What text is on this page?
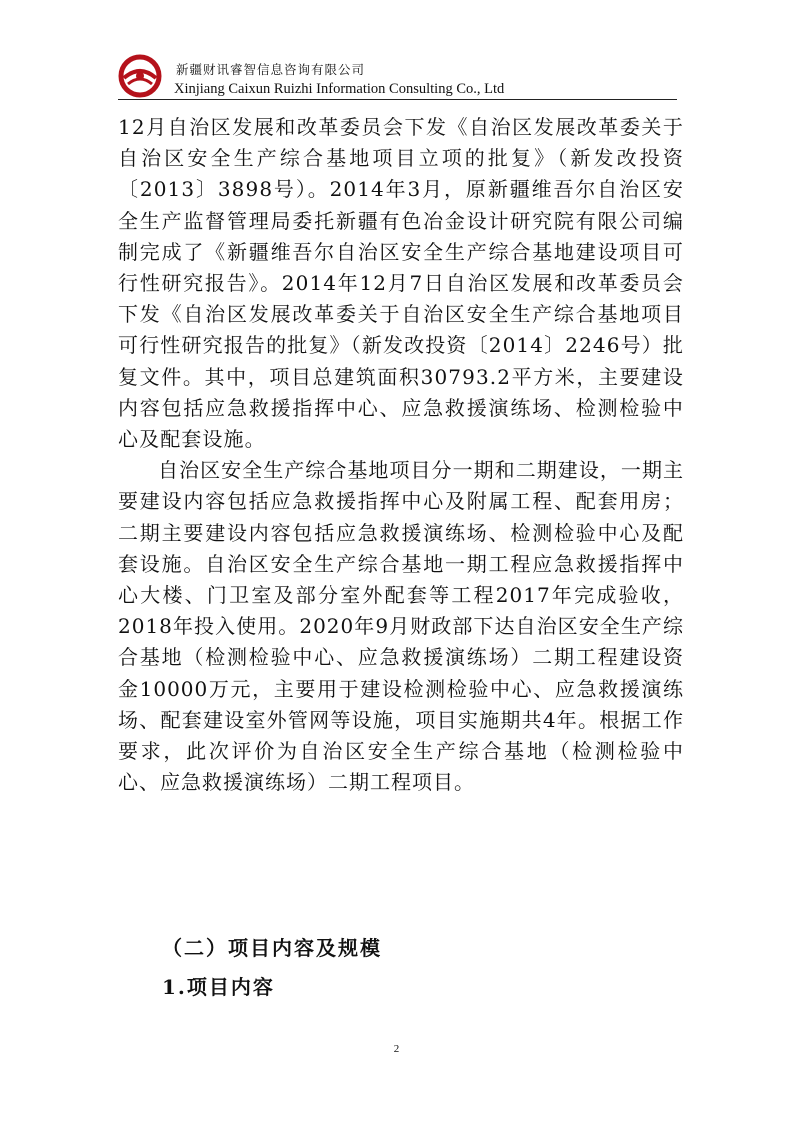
新疆财讯睿智信息咨询有限公司
Xinjiang Caixun Ruizhi Information Consulting Co., Ltd

12月自治区发展和改革委员会下发《自治区发展改革委关于自治区安全生产综合基地项目立项的批复》（新发改投资〔2013〕3898号）。2014年3月，原新疆维吾尔自治区安全生产监督管理局委托新疆有色冶金设计研究院有限公司编制完成了《新疆维吾尔自治区安全生产综合基地建设项目可行性研究报告》。2014年12月7日自治区发展和改革委员会下发《自治区发展改革委关于自治区安全生产综合基地项目可行性研究报告的批复》（新发改投资〔2014〕2246号）批复文件。其中，项目总建筑面积30793.2平方米，主要建设内容包括应急救援指挥中心、应急救援演练场、检测检验中心及配套设施。

自治区安全生产综合基地项目分一期和二期建设，一期主要建设内容包括应急救援指挥中心及附属工程、配套用房；二期主要建设内容包括应急救援演练场、检测检验中心及配套设施。自治区安全生产综合基地一期工程应急救援指挥中心大楼、门卫室及部分室外配套等工程2017年完成验收，2018年投入使用。2020年9月财政部下达自治区安全生产综合基地（检测检验中心、应急救援演练场）二期工程建设资金10000万元，主要用于建设检测检验中心、应急救援演练场、配套建设室外管网等设施，项目实施期共4年。根据工作要求，此次评价为自治区安全生产综合基地（检测检验中心、应急救援演练场）二期工程项目。

（二）项目内容及规模
1.项目内容
2
